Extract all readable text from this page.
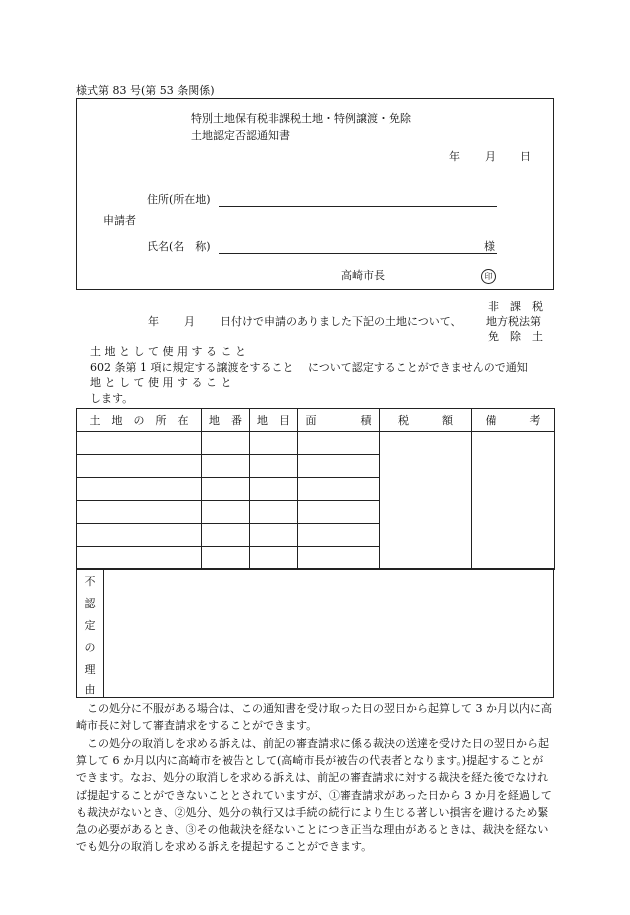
様式第 83 号(第 53 条関係)
特別土地保有税非課税土地・特例譲渡・免除
土地認定否認通知書
年 月 日
住所(所在地)
申請者
氏名(名　称)	様
高崎市長	印
非　課　税
年 月 日付けで申請のありました下記の土地について、 地方税法第
免　除　土
土 地 と し て 使 用 す る こ と
602 条第 1 項に規定する譲渡をすること について認定することができませんので通知
地 と し て 使 用 す る こ と
します。
土　地　の　所　在	地　番	地　目	面　　　　積	税　　　額	備　　　考

不
認
定
の
理
由
この処分に不服がある場合は、この通知書を受け取った日の翌日から起算して 3 か月以内に高崎市長に対して審査請求をすることができます。
この処分の取消しを求める訴えは、前記の審査請求に係る裁決の送達を受けた日の翌日から起算して 6 か月以内に高崎市を被告として(高崎市長が被告の代表者となります。)提起することができます。なお、処分の取消しを求める訴えは、前記の審査請求に対する裁決を経た後でなければ提起することができないこととされていますが、①審査請求があった日から 3 か月を経過しても裁決がないとき、②処分、処分の執行又は手続の続行により生じる著しい損害を避けるため緊急の必要があるとき、③その他裁決を経ないことにつき正当な理由があるときは、裁決を経ないでも処分の取消しを求める訴えを提起することができます。
